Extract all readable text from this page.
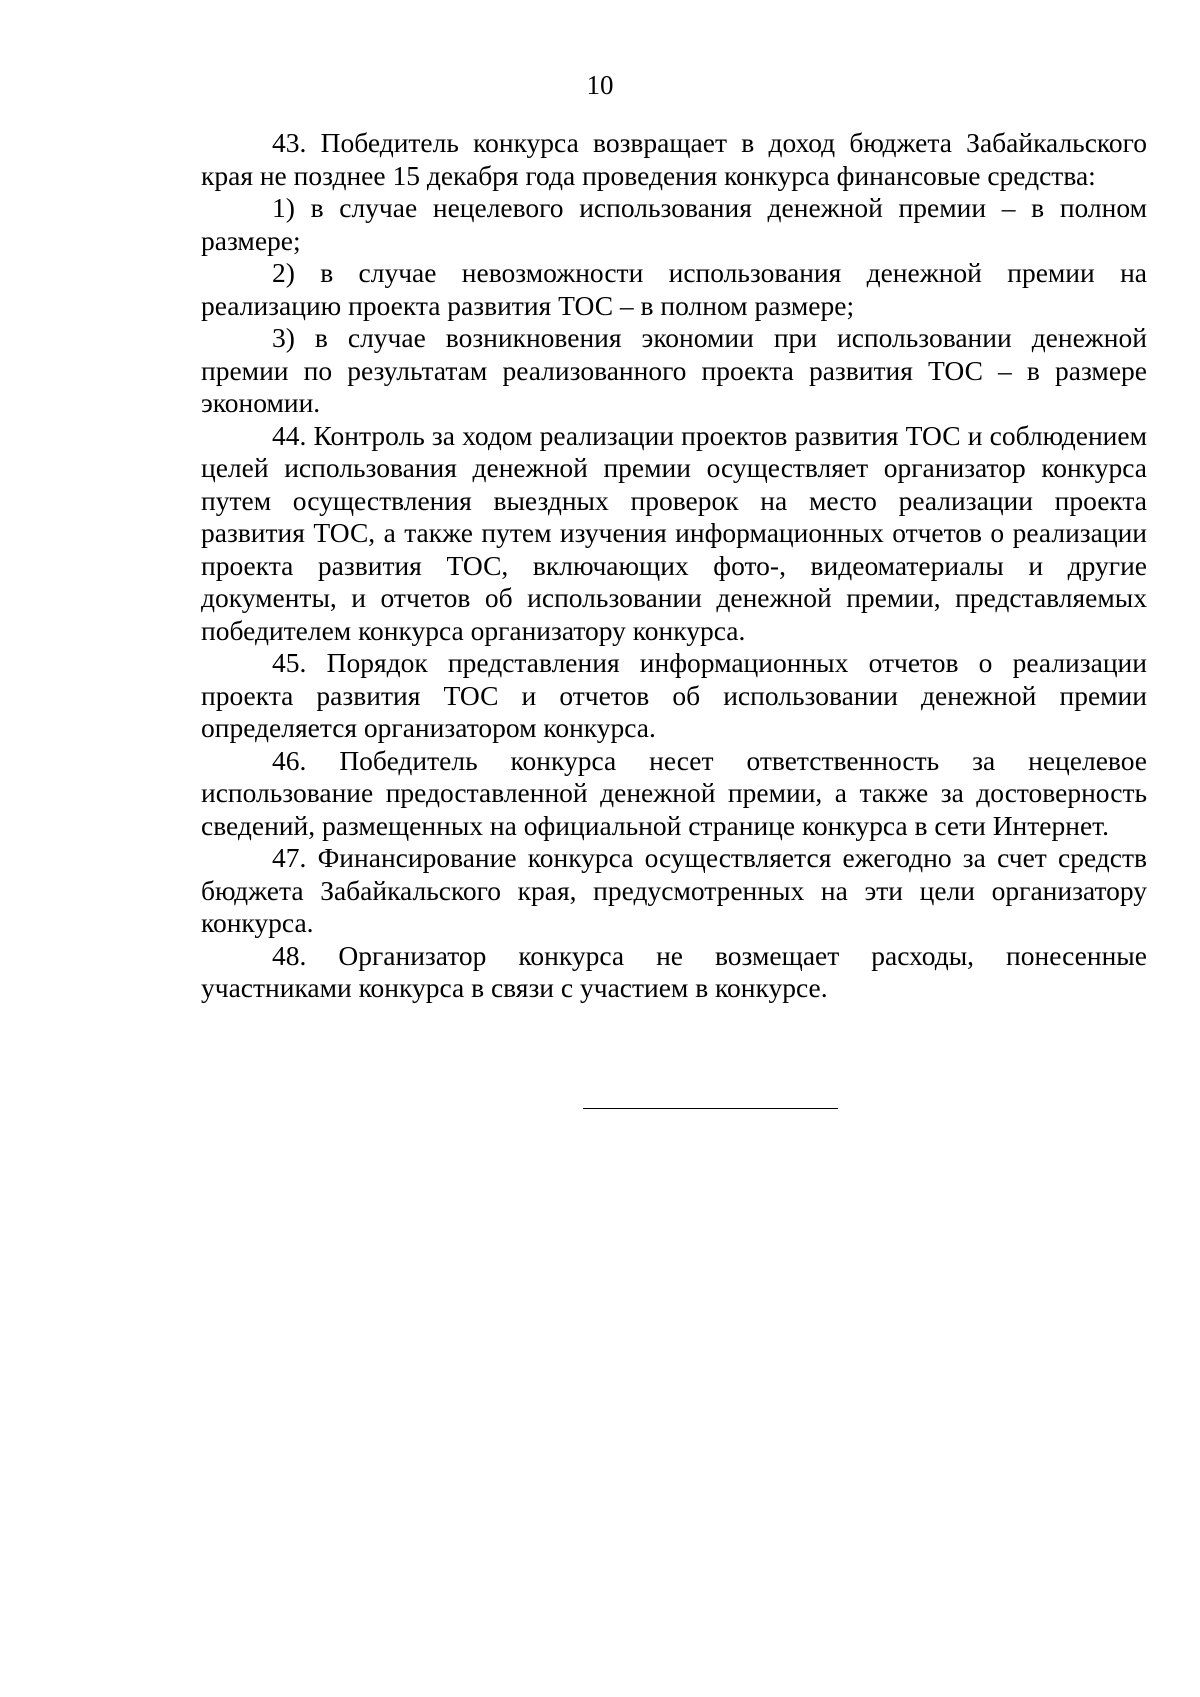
10

43. Победитель конкурса возвращает в доход бюджета Забайкальского края не позднее 15 декабря года проведения конкурса финансовые средства:

1) в случае нецелевого использования денежной премии – в полном размере;

2) в случае невозможности использования денежной премии на реализацию проекта развития ТОС – в полном размере;

3) в случае возникновения экономии при использовании денежной премии по результатам реализованного проекта развития ТОС – в размере экономии.

44. Контроль за ходом реализации проектов развития ТОС и соблюдением целей использования денежной премии осуществляет организатор конкурса путем осуществления выездных проверок на место реализации проекта развития ТОС, а также путем изучения информационных отчетов о реализации проекта развития ТОС, включающих фото-, видеоматериалы и другие документы, и отчетов об использовании денежной премии, представляемых победителем конкурса организатору конкурса.

45. Порядок представления информационных отчетов о реализации проекта развития ТОС и отчетов об использовании денежной премии определяется организатором конкурса.

46. Победитель конкурса несет ответственность за нецелевое использование предоставленной денежной премии, а также за достоверность сведений, размещенных на официальной странице конкурса в сети Интернет.

47. Финансирование конкурса осуществляется ежегодно за счет средств бюджета Забайкальского края, предусмотренных на эти цели организатору конкурса.

48. Организатор конкурса не возмещает расходы, понесенные участниками конкурса в связи с участием в конкурсе.
